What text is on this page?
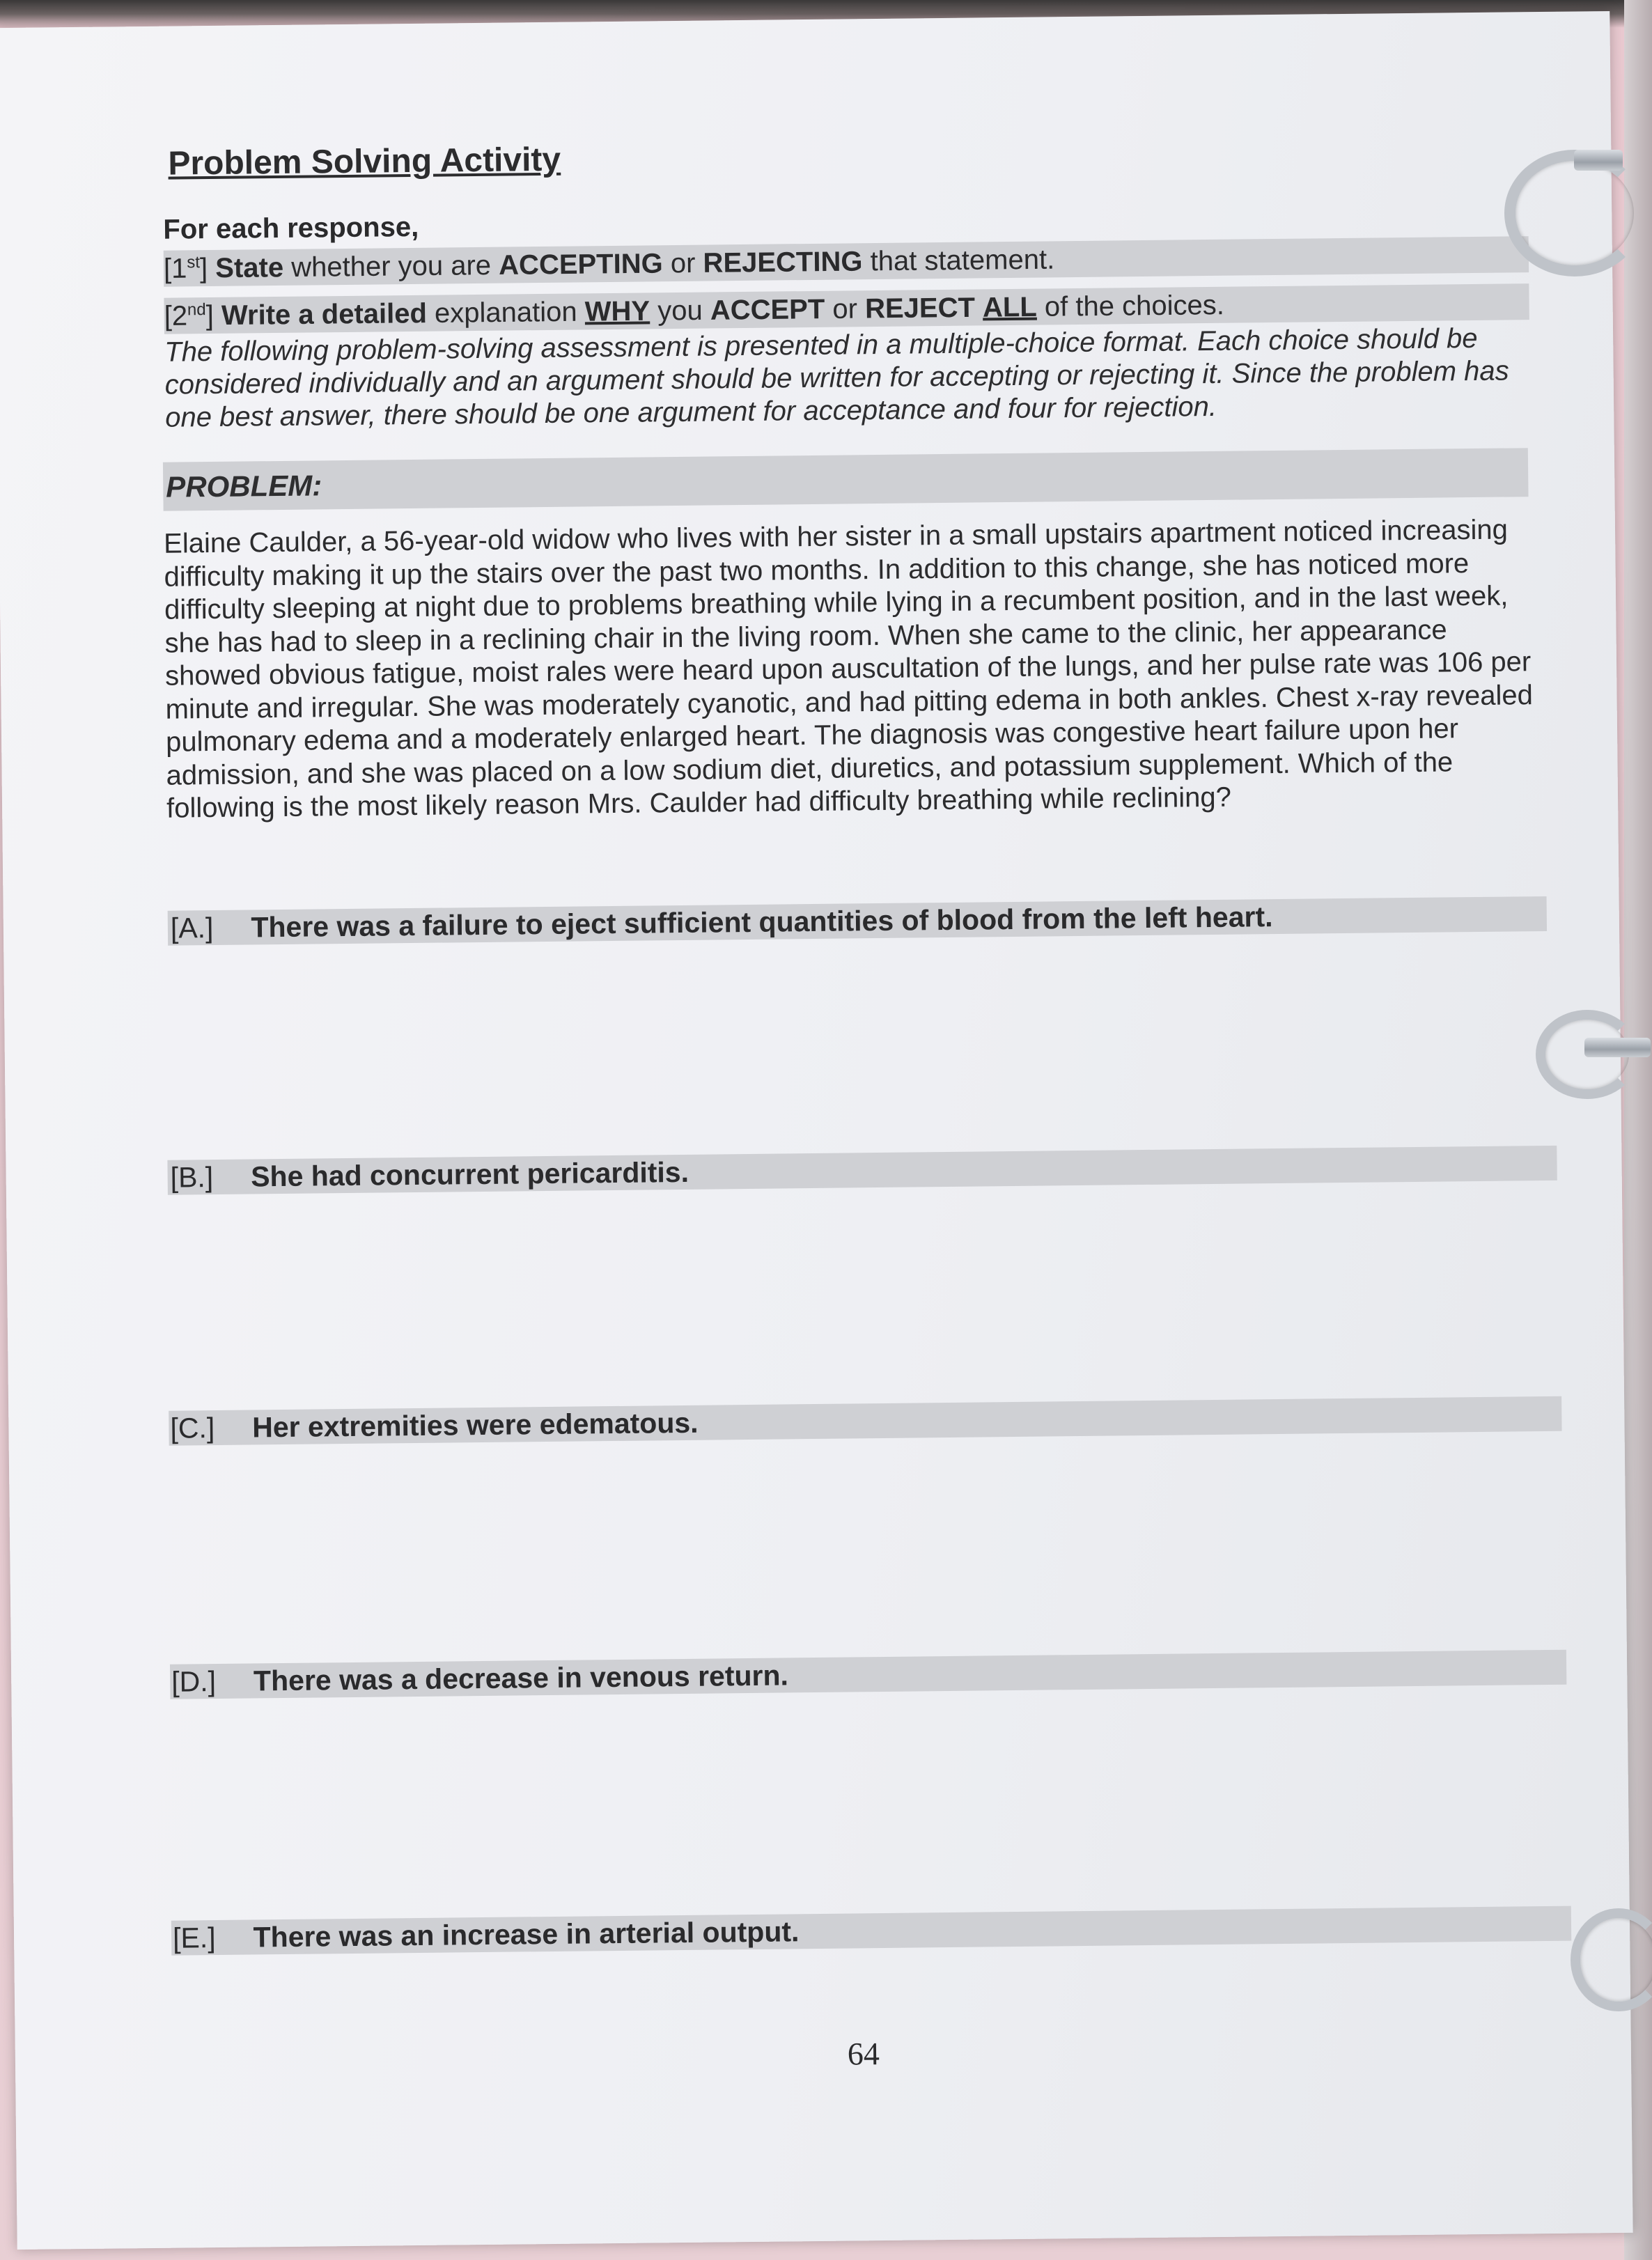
Problem Solving Activity
For each response,
[1st] State whether you are ACCEPTING or REJECTING that statement.
[2nd] Write a detailed explanation WHY you ACCEPT or REJECT ALL of the choices.
The following problem-solving assessment is presented in a multiple-choice format. Each choice should be considered individually and an argument should be written for accepting or rejecting it. Since the problem has one best answer, there should be one argument for acceptance and four for rejection.
PROBLEM:
Elaine Caulder, a 56-year-old widow who lives with her sister in a small upstairs apartment noticed increasing difficulty making it up the stairs over the past two months. In addition to this change, she has noticed more difficulty sleeping at night due to problems breathing while lying in a recumbent position, and in the last week, she has had to sleep in a reclining chair in the living room. When she came to the clinic, her appearance showed obvious fatigue, moist rales were heard upon auscultation of the lungs, and her pulse rate was 106 per minute and irregular. She was moderately cyanotic, and had pitting edema in both ankles. Chest x-ray revealed pulmonary edema and a moderately enlarged heart. The diagnosis was congestive heart failure upon her admission, and she was placed on a low sodium diet, diuretics, and potassium supplement. Which of the following is the most likely reason Mrs. Caulder had difficulty breathing while reclining?
[A.] There was a failure to eject sufficient quantities of blood from the left heart.
[B.] She had concurrent pericarditis.
[C.] Her extremities were edematous.
[D.] There was a decrease in venous return.
[E.] There was an increase in arterial output.
64
